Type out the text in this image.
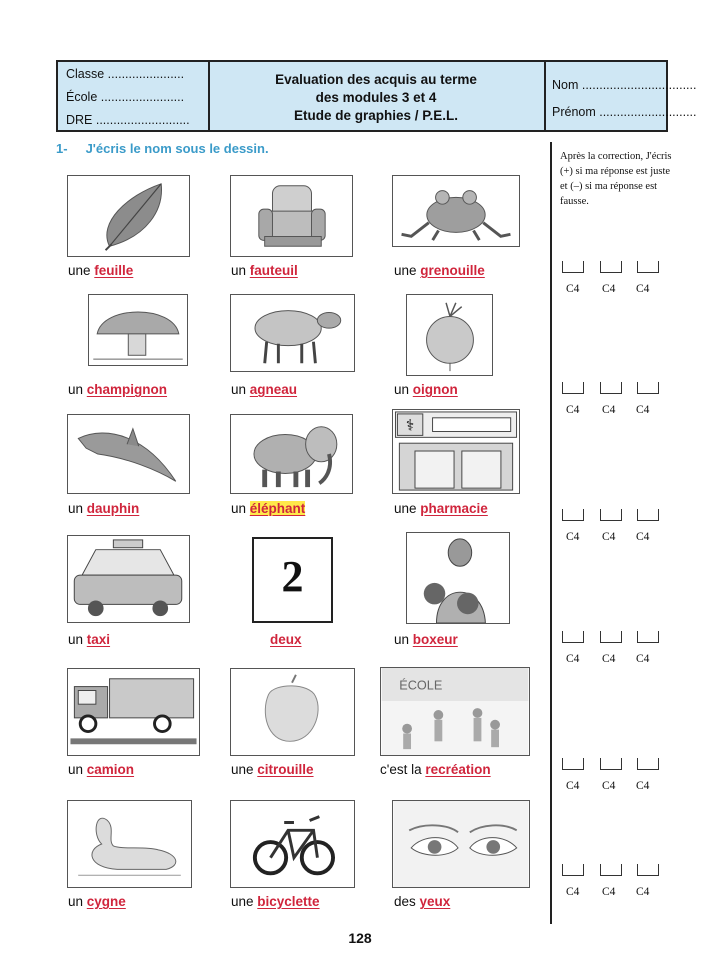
Classe ......................
École ........................
DRE ...........................
Evaluation des acquis au terme
des modules 3 et 4
Etude de graphies / P.E.L.
Nom .................................
Prénom ............................
1- J'écris le nom sous le dessin.
Après la correction, J'écris (+) si ma réponse est juste et (–) si ma réponse est fausse.
une feuille	un fauteuil	une grenouille
C4 C4 C4
un champignon	un agneau	un oignon
C4 C4 C4
⚕
un dauphin	un éléphant	une pharmacie
C4 C4 C4
2
un taxi	deux	un boxeur
C4 C4 C4
ÉCOLE
un camion	une citrouille	c'est la recréation
C4 C4 C4
un cygne	une bicyclette	des yeux
C4 C4 C4
128
